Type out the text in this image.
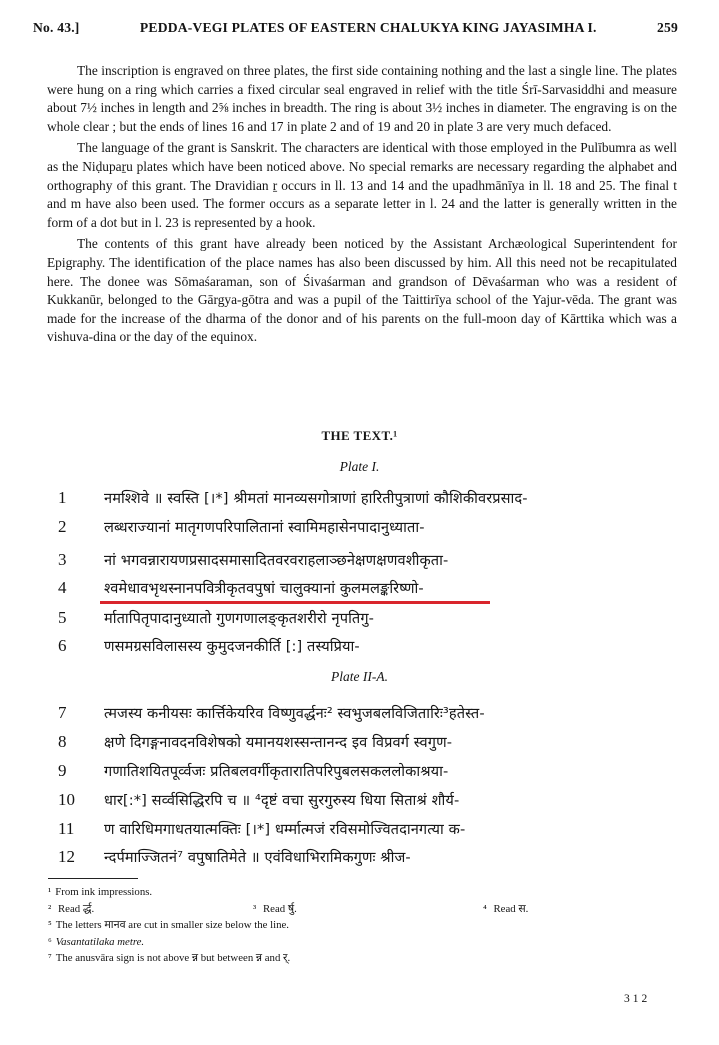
No. 43.]	PEDDA-VEGI PLATES OF EASTERN CHALUKYA KING JAYASIMHA I.	259

The inscription is engraved on three plates, the first side containing nothing and the last a single line. The plates were hung on a ring which carries a fixed circular seal engraved in relief with the title Śrī-Sarvasiddhi and measure about 7½ inches in length and 2⅝ inches in breadth. The ring is about 3½ inches in diameter. The engraving is on the whole clear ; but the ends of lines 16 and 17 in plate 2 and of 19 and 20 in plate 3 are very much defaced.

The language of the grant is Sanskrit. The characters are identical with those employed in the Pulībumra as well as the Niḍupaṟu plates which have been noticed above. No special remarks are necessary regarding the alphabet and orthography of this grant. The Dravidian ṟ occurs in ll. 13 and 14 and the upadhmānīya in ll. 18 and 25. The final t and m have also been used. The former occurs as a separate letter in l. 24 and the latter is generally written in the form of a dot but in l. 23 is represented by a hook.

The contents of this grant have already been noticed by the Assistant Archæological Superintendent for Epigraphy. The identification of the place names has also been discussed by him. All this need not be recapitulated here. The donee was Sōmaśaraman, son of Śivaśarman and grandson of Dēvaśarman who was a resident of Kukkanūr, belonged to the Gārgya-gōtra and was a pupil of the Taittirīya school of the Yajur-vēda. The grant was made for the increase of the dharma of the donor and of his parents on the full-moon day of Kārttika which was a vishuva-dina or the day of the equinox.

THE TEXT.¹
Plate I.
1	नमश्शिवे ॥ स्वस्ति [।*] श्रीमतां मानव्यसगोत्राणां हारितीपुत्राणां कौशिकीवरप्रसाद-
2	लब्धराज्यानां मातृगणपरिपालितानां स्वामिमहासेनपादानुध्याता-
3	नां भगवन्नारायणप्रसादसमासादितवरवराहलाञ्छनेक्षणक्षणवशीकृता-
4	श्वमेधावभृथस्नानपवित्रीकृतवपुषां चालुक्यानां कुलमलङ्करिष्णो-
5	र्मातापितृपादानुध्यातो गुणगणालङ्कृतशरीरो नृपतिगु-
6	णसमग्रसविलासस्य कुमुदजनकीर्ति [:] तस्यप्रिया-
Plate II-A.
7	त्मजस्य कनीयसः कार्त्तिकेयरिव विष्णुवर्द्धनः² स्वभुजबलविजितारिः³हतेस्त-
8	क्षणे दिगङ्गनावदनविशेषको यमानयशस्सन्तानन्द इव विप्रवर्ग स्वगुण-
9	गणातिशयितपूर्व्वजः प्रतिबलवर्गीकृतारातिपरिपुबलसकललोकाश्रया-
10	धार[:*] सर्व्वसिद्धिरपि च ॥ ⁴दृष्टं वचा सुरगुरुस्य धिया सिताश्रं शौर्य-
11	ण वारिधिमगाधतयात्मक्तिः [।*] धर्म्मात्मजं रविसमोज्वितदानगत्या क-
12	न्दर्पमाज्जितनं⁷ वपुषातिमेते ॥ एवंविधाभिरामिकगुणः श्रीज-
¹ From ink impressions.
² Read र्द्ध.	³ Read र्षु.	⁴ Read स.
⁵ The letters मानव are cut in smaller size below the line.
⁶ Vasantatilaka metre.
⁷ The anusvāra sign is not above न्न but between न्न and र्.
312
